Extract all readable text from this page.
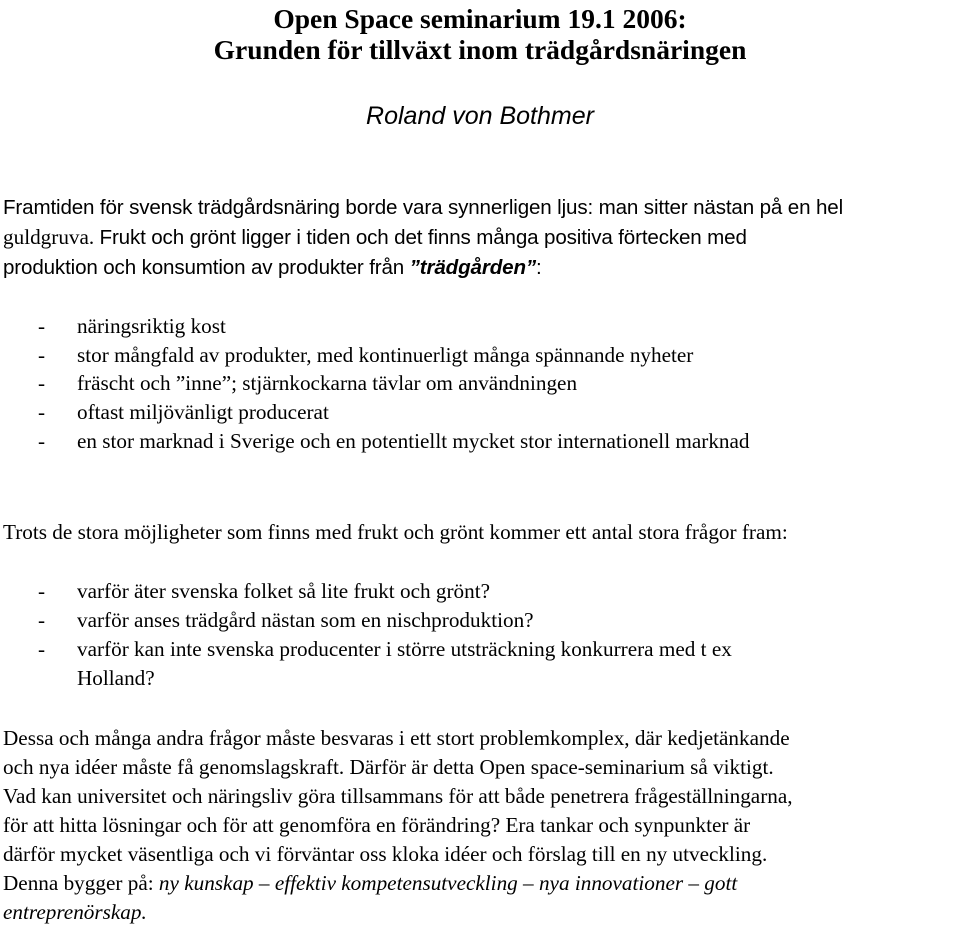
Open Space seminarium 19.1 2006:
Grunden för tillväxt inom trädgårdsnäringen
Roland von Bothmer
Framtiden för svensk trädgårdsnäring borde vara synnerligen ljus: man sitter nästan på en hel
guldgruva. Frukt och grönt ligger i tiden och det finns många positiva förtecken med
produktion och konsumtion av produkter från ”trädgården”:
- näringsriktig kost
- stor mångfald av produkter, med kontinuerligt många spännande nyheter
- fräscht och ”inne”; stjärnkockarna tävlar om användningen
- oftast miljövänligt producerat
- en stor marknad i Sverige och en potentiellt mycket stor internationell marknad
Trots de stora möjligheter som finns med frukt och grönt kommer ett antal stora frågor fram:
- varför äter svenska folket så lite frukt och grönt?
- varför anses trädgård nästan som en nischproduktion?
- varför kan inte svenska producenter i större utsträckning konkurrera med t ex
Holland?
Dessa och många andra frågor måste besvaras i ett stort problemkomplex, där kedjetänkande
och nya idéer måste få genomslagskraft. Därför är detta Open space-seminarium så viktigt.
Vad kan universitet och näringsliv göra tillsammans för att både penetrera frågeställningarna,
för att hitta lösningar och för att genomföra en förändring? Era tankar och synpunkter är
därför mycket väsentliga och vi förväntar oss kloka idéer och förslag till en ny utveckling.
Denna bygger på: ny kunskap – effektiv kompetensutveckling – nya innovationer – gott
entreprenörskap.
